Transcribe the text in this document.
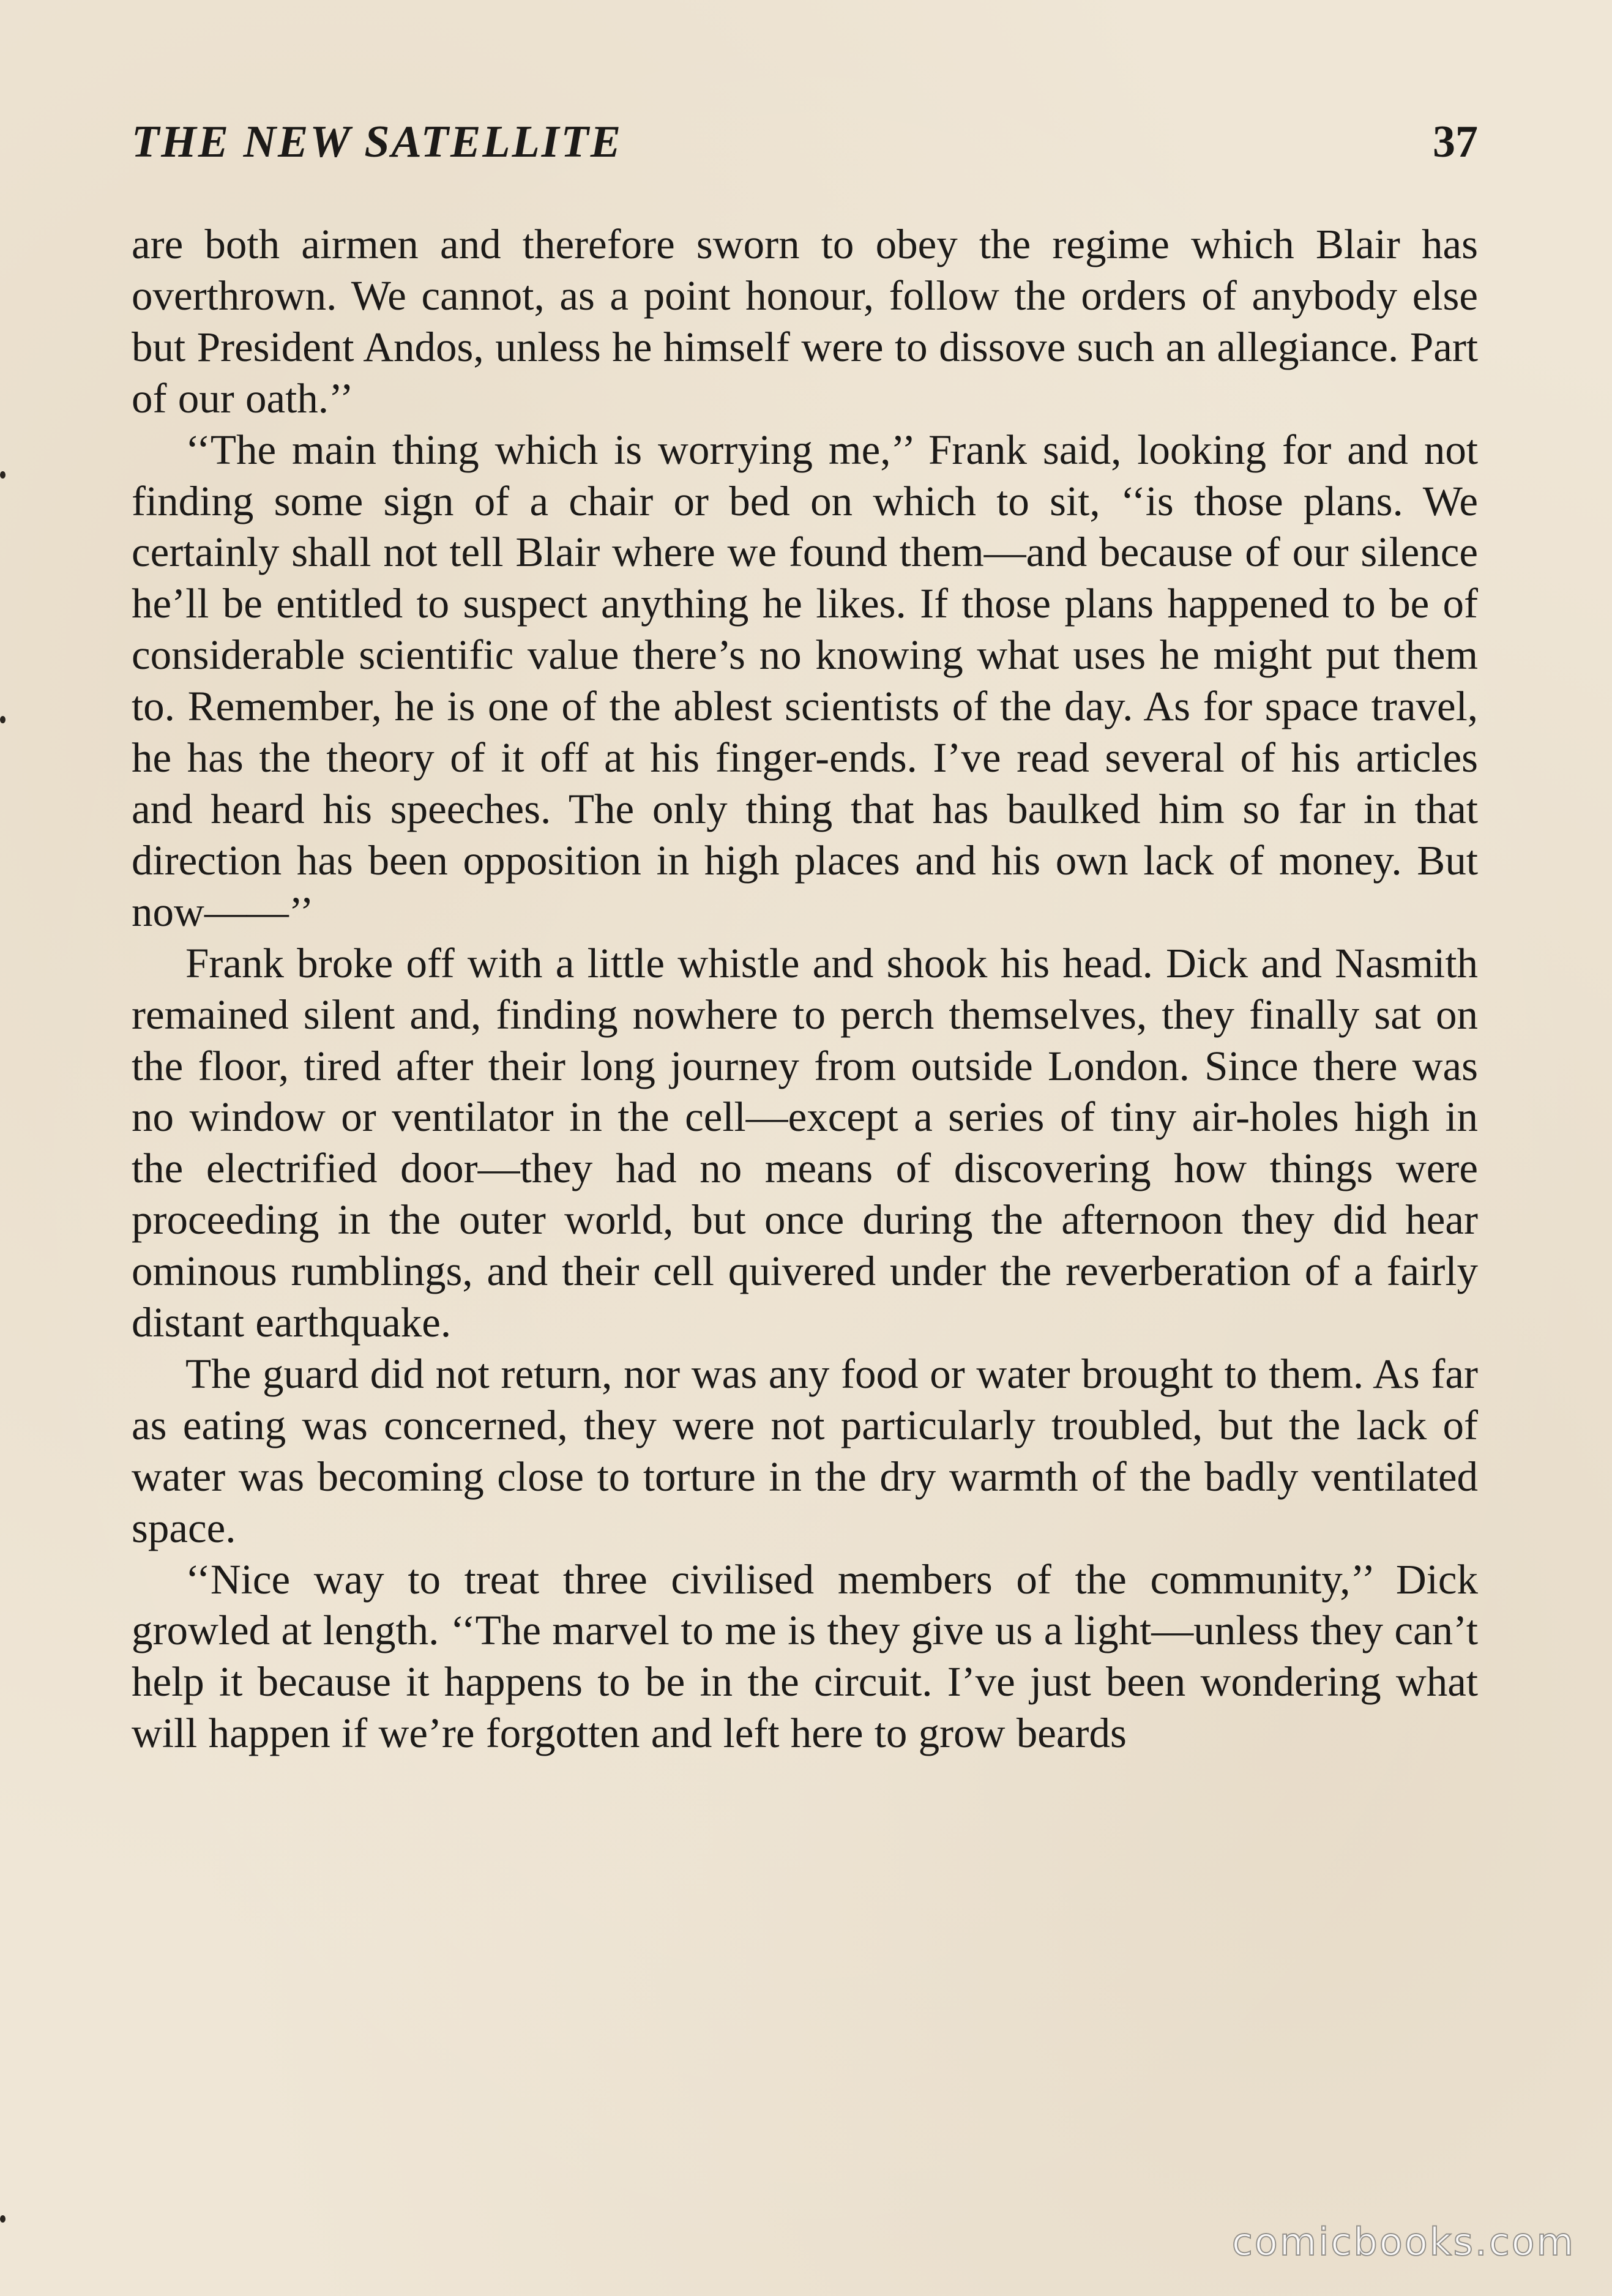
THE NEW SATELLITE	37

are both airmen and therefore sworn to obey the regime which Blair has overthrown. We cannot, as a point honour, follow the orders of anybody else but President Andos, unless he himself were to dissove such an allegiance. Part of our oath.’’

‘‘The main thing which is worrying me,’’ Frank said, looking for and not finding some sign of a chair or bed on which to sit, ‘‘is those plans. We certainly shall not tell Blair where we found them—and because of our silence he’ll be entitled to suspect anything he likes. If those plans happened to be of considerable scientific value there’s no knowing what uses he might put them to. Remember, he is one of the ablest scientists of the day. As for space travel, he has the theory of it off at his finger-ends. I’ve read several of his articles and heard his speeches. The only thing that has baulked him so far in that direction has been opposition in high places and his own lack of money. But now——’’

Frank broke off with a little whistle and shook his head. Dick and Nasmith remained silent and, finding nowhere to perch themselves, they finally sat on the floor, tired after their long journey from outside London. Since there was no window or ventilator in the cell—except a series of tiny air-holes high in the electrified door—they had no means of discovering how things were proceeding in the outer world, but once during the afternoon they did hear ominous rumblings, and their cell quivered under the reverberation of a fairly distant earthquake.

The guard did not return, nor was any food or water brought to them. As far as eating was concerned, they were not particularly troubled, but the lack of water was becoming close to torture in the dry warmth of the badly ventilated space.

‘‘Nice way to treat three civilised members of the community,’’ Dick growled at length. ‘‘The marvel to me is they give us a light—unless they can’t help it because it happens to be in the circuit. I’ve just been wondering what will happen if we’re forgotten and left here to grow beards

comicbooks.com
